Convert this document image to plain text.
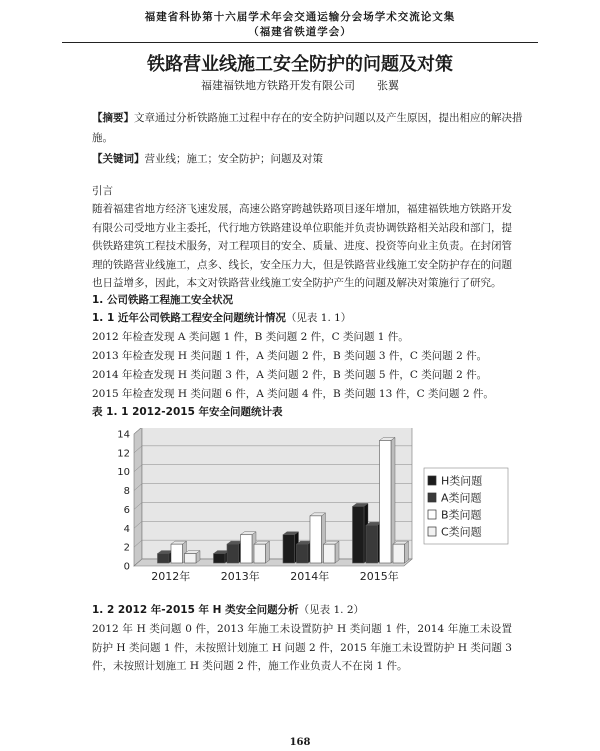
福建省科协第十六届学术年会交通运输分会场学术交流论文集
（福建省铁道学会）
铁路营业线施工安全防护的问题及对策
福建福铁地方铁路开发有限公司　　张翼
【摘要】文章通过分析铁路施工过程中存在的安全防护问题以及产生原因，提出相应的解决措施。
【关键词】营业线；施工；安全防护；问题及对策
引言
随着福建省地方经济飞速发展，高速公路穿跨越铁路项目逐年增加，福建福铁地方铁路开发有限公司受地方业主委托，代行地方铁路建设单位职能并负责协调铁路相关站段和部门，提供铁路建筑工程技术服务，对工程项目的安全、质量、进度、投资等向业主负责。在封闭管理的铁路营业线施工，点多、线长，安全压力大，但是铁路营业线施工安全防护存在的问题也日益增多，因此，本文对铁路营业线施工安全防护产生的问题及解决对策施行了研究。
1. 公司铁路工程施工安全状况
1. 1 近年公司铁路工程安全问题统计情况（见表 1. 1）
2012 年检查发现 A 类问题 1 件，B 类问题 2 件，C 类问题 1 件。
2013 年检查发现 H 类问题 1 件，A 类问题 2 件，B 类问题 3 件，C 类问题 2 件。
2014 年检查发现 H 类问题 3 件，A 类问题 2 件，B 类问题 5 件，C 类问题 2 件。
2015 年检查发现 H 类问题 6 件，A 类问题 4 件，B 类问题 13 件，C 类问题 2 件。
表 1. 1 2012-2015 年安全问题统计表
0
2
4
6
8
10
12
14
2012年	2013年	2014年	2015年
H类问题
A类问题
B类问题
C类问题
1. 2 2012 年-2015 年 H 类安全问题分析（见表 1. 2）
2012 年 H 类问题 0 件，2013 年施工未设置防护 H 类问题 1 件，2014 年施工未设置防护 H 类问题 1 件，未按照计划施工 H 问题 2 件，2015 年施工未设置防护 H 类问题 3 件，未按照计划施工 H 类问题 2 件，施工作业负责人不在岗 1 件。
168
